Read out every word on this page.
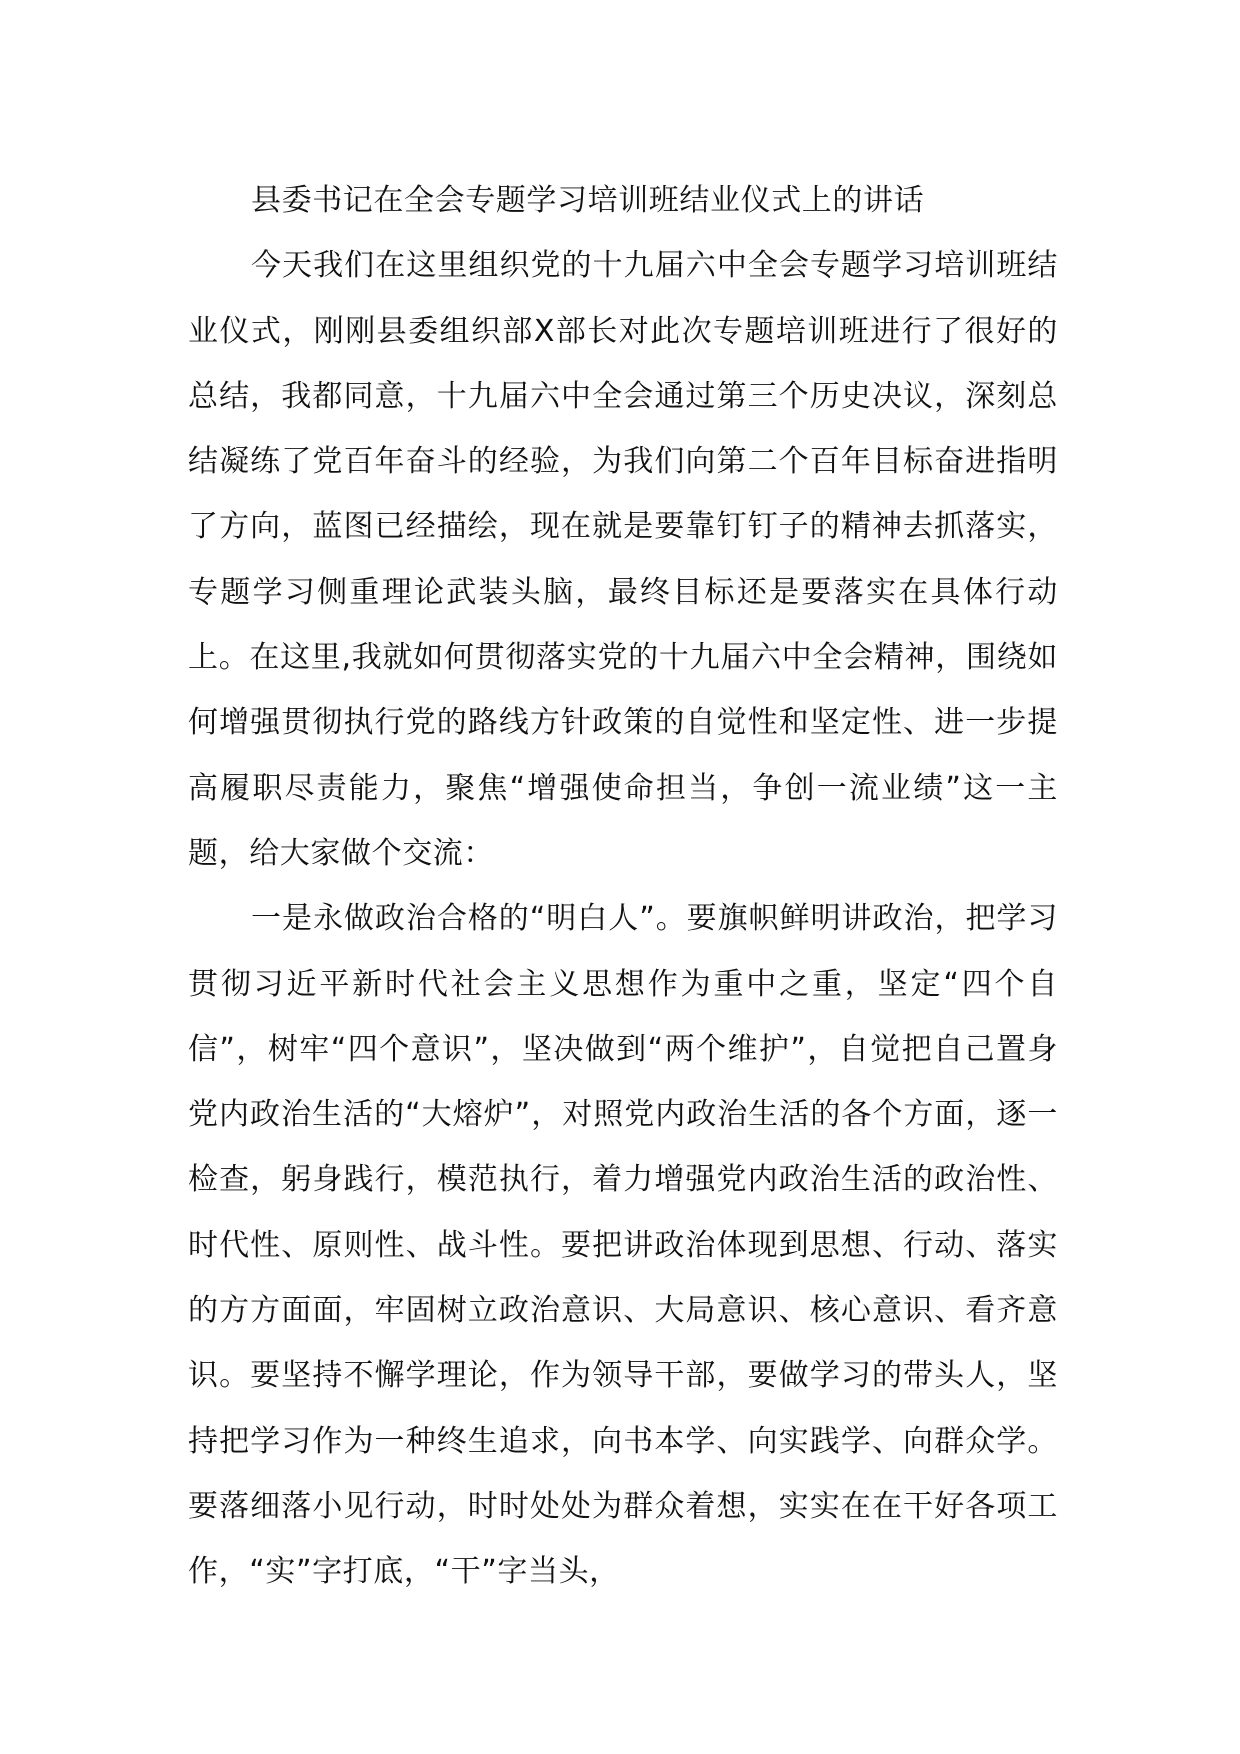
县委书记在全会专题学习培训班结业仪式上的讲话

今天我们在这里组织党的十九届六中全会专题学习培训班结业仪式，刚刚县委组织部X部长对此次专题培训班进行了很好的总结，我都同意，十九届六中全会通过第三个历史决议，深刻总结凝练了党百年奋斗的经验，为我们向第二个百年目标奋进指明了方向，蓝图已经描绘，现在就是要靠钉钉子的精神去抓落实，专题学习侧重理论武装头脑，最终目标还是要落实在具体行动上。在这里,我就如何贯彻落实党的十九届六中全会精神，围绕如何增强贯彻执行党的路线方针政策的自觉性和坚定性、进一步提高履职尽责能力，聚焦“增强使命担当，争创一流业绩”这一主题，给大家做个交流：

一是永做政治合格的“明白人”。要旗帜鲜明讲政治，把学习贯彻习近平新时代社会主义思想作为重中之重，坚定“四个自信”，树牢“四个意识”，坚决做到“两个维护”，自觉把自己置身党内政治生活的“大熔炉”，对照党内政治生活的各个方面，逐一检查，躬身践行，模范执行，着力增强党内政治生活的政治性、时代性、原则性、战斗性。要把讲政治体现到思想、行动、落实的方方面面，牢固树立政治意识、大局意识、核心意识、看齐意识。要坚持不懈学理论，作为领导干部，要做学习的带头人，坚持把学习作为一种终生追求，向书本学、向实践学、向群众学。要落细落小见行动，时时处处为群众着想，实实在在干好各项工作，“实”字打底，“干”字当头，
